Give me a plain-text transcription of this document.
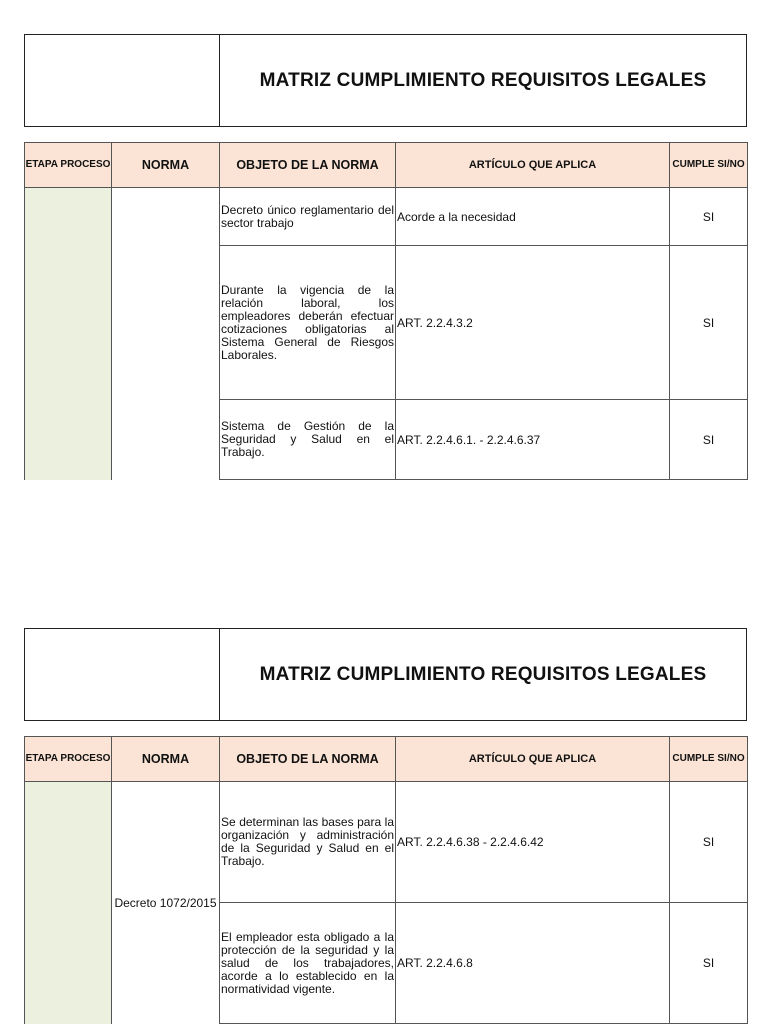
MATRIZ CUMPLIMIENTO REQUISITOS LEGALES
ETAPA PROCESO	NORMA	OBJETO DE LA NORMA	ARTÍCULO QUE APLICA	CUMPLE SI/NO
		Decreto único reglamentario del sector trabajo	Acorde a la necesidad	SI
		Durante la vigencia de la relación laboral, los empleadores deberán efectuar cotizaciones obligatorias al Sistema General de Riesgos Laborales.	ART. 2.2.4.3.2	SI
		Sistema de Gestión de la Seguridad y Salud en el Trabajo.	ART. 2.2.4.6.1. - 2.2.4.6.37	SI
MATRIZ CUMPLIMIENTO REQUISITOS LEGALES
ETAPA PROCESO	NORMA	OBJETO DE LA NORMA	ARTÍCULO QUE APLICA	CUMPLE SI/NO
	Decreto 1072/2015	Se determinan las bases para la organización y administración de la Seguridad y Salud en el Trabajo.	ART. 2.2.4.6.38 - 2.2.4.6.42	SI
		El empleador esta obligado a la protección de la seguridad y la salud de los trabajadores, acorde a lo establecido en la normatividad vigente.	ART. 2.2.4.6.8	SI
